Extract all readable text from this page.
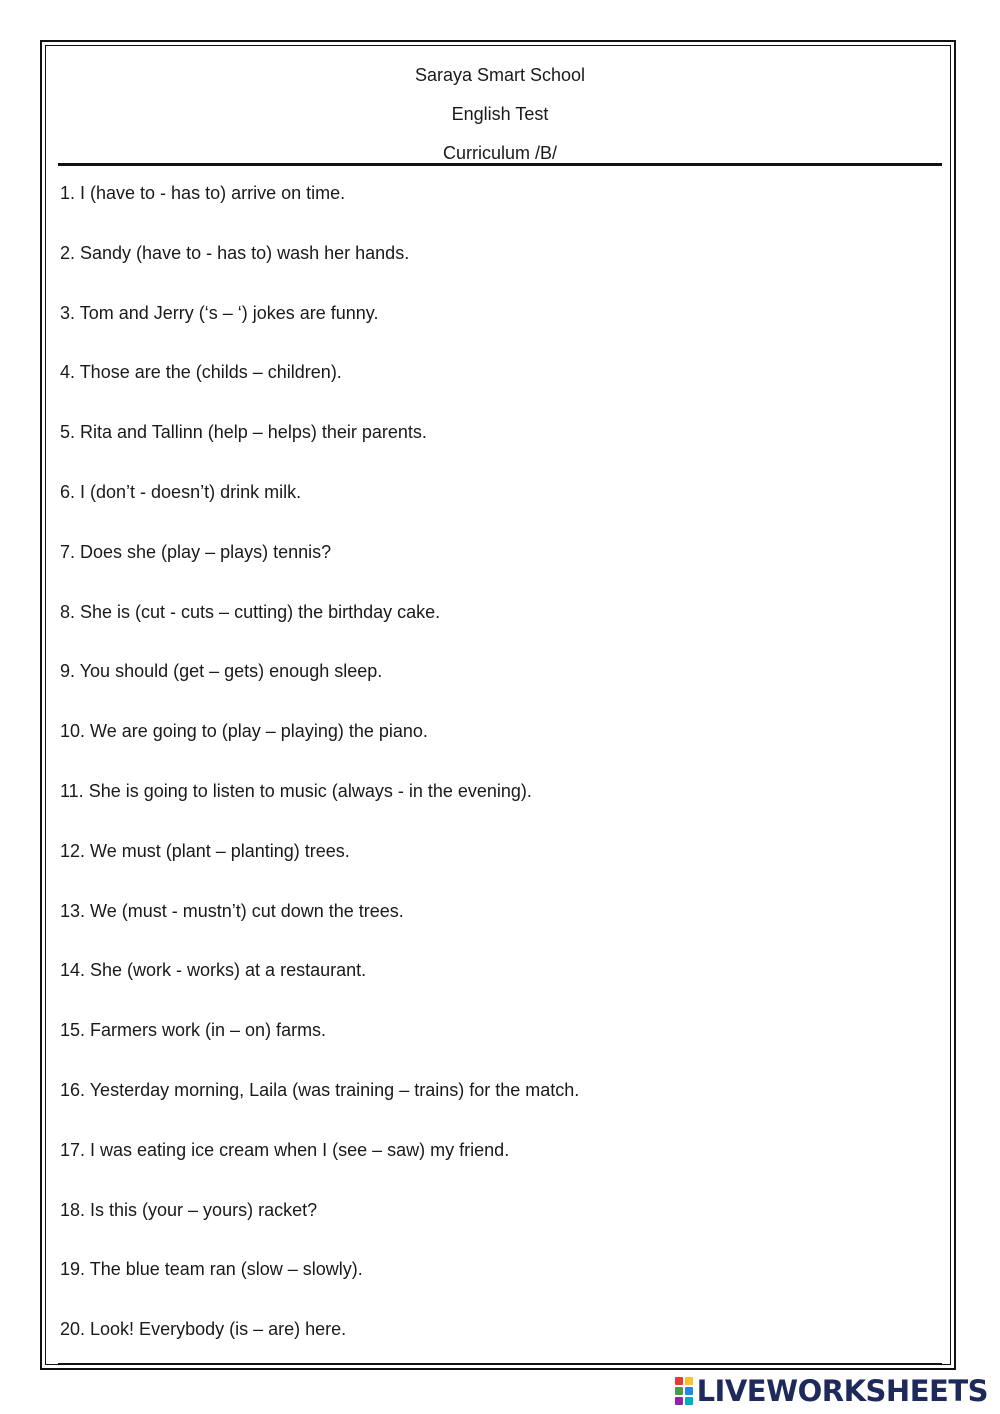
Saraya Smart School
English Test
Curriculum /B/
1. I (have to - has to) arrive on time.
2. Sandy (have to - has to) wash her hands.
3. Tom and Jerry (‘s – ‘) jokes are funny.
4. Those are the (childs – children).
5. Rita and Tallinn (help – helps) their parents.
6. I (don’t - doesn’t) drink milk.
7. Does she (play – plays) tennis?
8. She is (cut - cuts – cutting) the birthday cake.
9. You should (get – gets) enough sleep.
10. We are going to (play – playing) the piano.
11. She is going to listen to music (always - in the evening).
12. We must (plant – planting) trees.
13. We (must - mustn’t) cut down the trees.
14. She (work - works) at a restaurant.
15. Farmers work (in – on) farms.
16. Yesterday morning, Laila (was training – trains) for the match.
17. I was eating ice cream when I (see – saw) my friend.
18. Is this (your – yours) racket?
19. The blue team ran (slow – slowly).
20. Look! Everybody (is – are) here.
LIVEWORKSHEETS
